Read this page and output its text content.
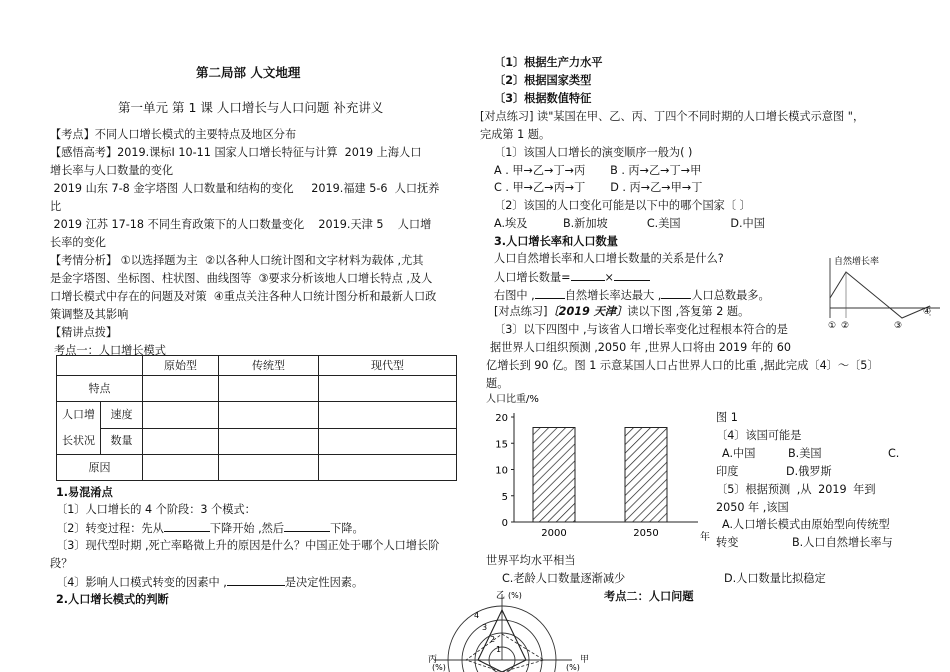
第二局部 人文地理
第一单元 第 1 课 人口增长与人口问题 补充讲义
【考点】不同人口增长模式的主要特点及地区分布
【感悟高考】2019.课标Ⅰ 10-11 国家人口增长特征与计算  2019 上海人口
增长率与人口数量的变化
2019 山东 7-8 金字塔图 人口数量和结构的变化     2019.福建 5-6  人口抚养
比
2019 江苏 17-18 不同生育政策下的人口数量变化    2019.天津 5    人口增
长率的变化
【考情分析】 ①以选择题为主  ②以各种人口统计图和文字材料为载体 ,尤其
是金字塔图、坐标图、柱状图、曲线图等  ③要求分析该地人口增长特点 ,及人
口增长模式中存在的问题及对策  ④重点关注各种人口统计图分析和最新人口政
策调整及其影响
【精讲点拨】
考点一：人口增长模式
		原始型	传统型	现代型
特点				

人口增
长状况	速度			
	数量			
原因				
1.易混淆点
〔1〕人口增长的 4 个阶段：3 个模式：
〔2〕转变过程：先从	下降开始 ,然后	下降。
〔3〕现代型时期 ,死亡率略微上升的原因是什么？中国正处于哪个人口增长阶
段？
〔4〕影响人口模式转变的因素中 ,	是决定性因素。
2.人口增长模式的判断
〔1〕根据生产力水平
〔2〕根据国家类型
〔3〕根据数值特征
[对点练习] 读"某国在甲、乙、丙、丁四个不同时期的人口增长模式示意图 "，
完成第 1 题。
〔1〕该国人口增长的演变顺序一般为( )
A . 甲→乙→丁→丙       B . 丙→乙→丁→甲
C . 甲→乙→丙→丁       D . 丙→乙→甲→丁
〔2〕该国的人口变化可能是以下中的哪个国家〔 〕
A.埃及          B.新加坡           C.美国              D.中国
3.人口增长率和人口数量
人口自然增长率和人口增长数量的关系是什么?
人口增长数量=	×
右图中 ,	自然增长率达最大 ,	人口总数最多。
[对点练习]〔2019 天津〕读以下图 ,答复第 2 题。
〔3〕以下四图中 ,与该省人口增长率变化过程根本符合的是
据世界人口组织预测 ,2050 年 ,世界人口将由 2019 年的 60
亿增长到 90 亿。图 1 示意某国人口占世界人口的比重 ,据此完成〔4〕～〔5〕
题。
自然增长率
① ②	③
④
人口比重/%
年
0
5
10
15
20
2000	2050
图 1
〔4〕该国可能是
A.中国	B.美国	C.
印度	D.俄罗斯
〔5〕根据预测 ,从 2019 年到
2050 年 ,该国
A.人口增长模式由原始型向传统型
转变	B.人口自然增长率与
世界平均水平相当
C.老龄人口数量逐渐减少	D.人口数量比拟稳定
考点二：人口问题
乙 (%)
甲
(%)
丙
(%)
4
3
2
1
